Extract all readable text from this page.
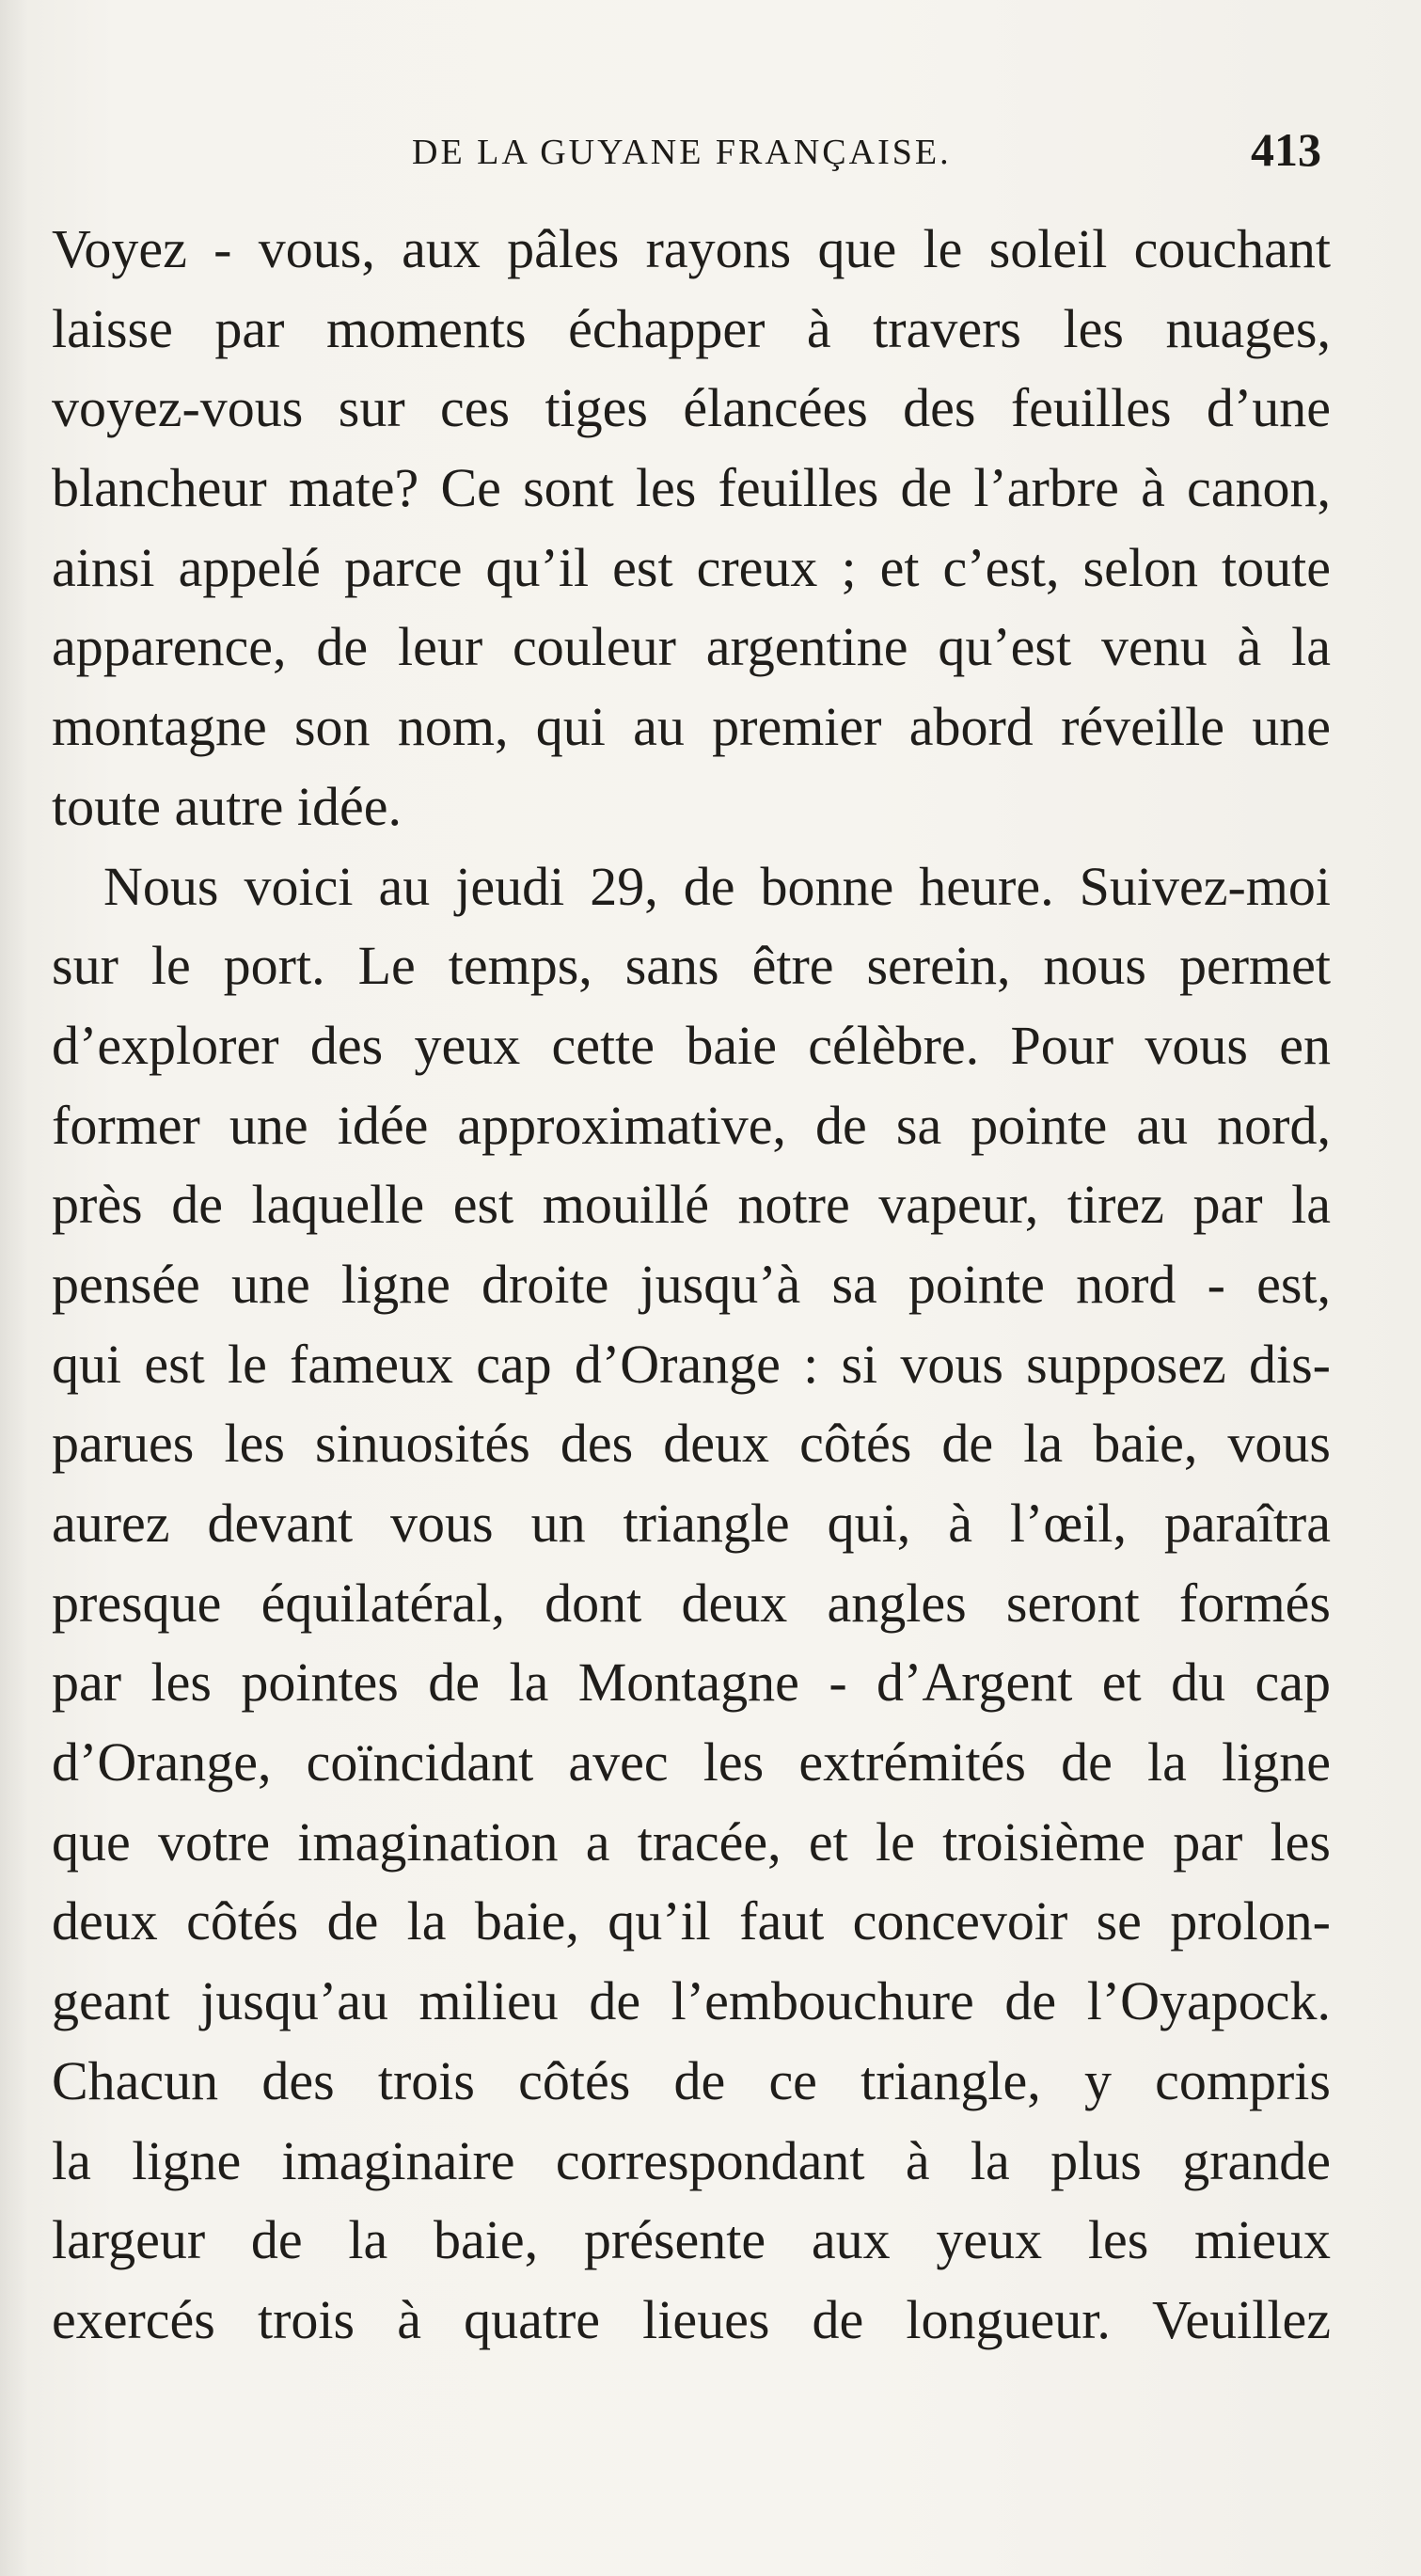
DE LA GUYANE FRANÇAISE.	413
Voyez - vous, aux pâles rayons que le soleil couchant
laisse par moments échapper à travers les nuages,
voyez-vous sur ces tiges élancées des feuilles d’une
blancheur mate? Ce sont les feuilles de l’arbre à canon,
ainsi appelé parce qu’il est creux ; et c’est, selon toute
apparence, de leur couleur argentine qu’est venu à la
montagne son nom, qui au premier abord réveille une
toute autre idée.
Nous voici au jeudi 29, de bonne heure. Suivez-moi
sur le port. Le temps, sans être serein, nous permet
d’explorer des yeux cette baie célèbre. Pour vous en
former une idée approximative, de sa pointe au nord,
près de laquelle est mouillé notre vapeur, tirez par la
pensée une ligne droite jusqu’à sa pointe nord - est,
qui est le fameux cap d’Orange : si vous supposez dis-
parues les sinuosités des deux côtés de la baie, vous
aurez devant vous un triangle qui, à l’œil, paraîtra
presque équilatéral, dont deux angles seront formés
par les pointes de la Montagne - d’Argent et du cap
d’Orange, coïncidant avec les extrémités de la ligne
que votre imagination a tracée, et le troisième par les
deux côtés de la baie, qu’il faut concevoir se prolon-
geant jusqu’au milieu de l’embouchure de l’Oyapock.
Chacun des trois côtés de ce triangle, y compris
la ligne imaginaire correspondant à la plus grande
largeur de la baie, présente aux yeux les mieux
exercés trois à quatre lieues de longueur. Veuillez
